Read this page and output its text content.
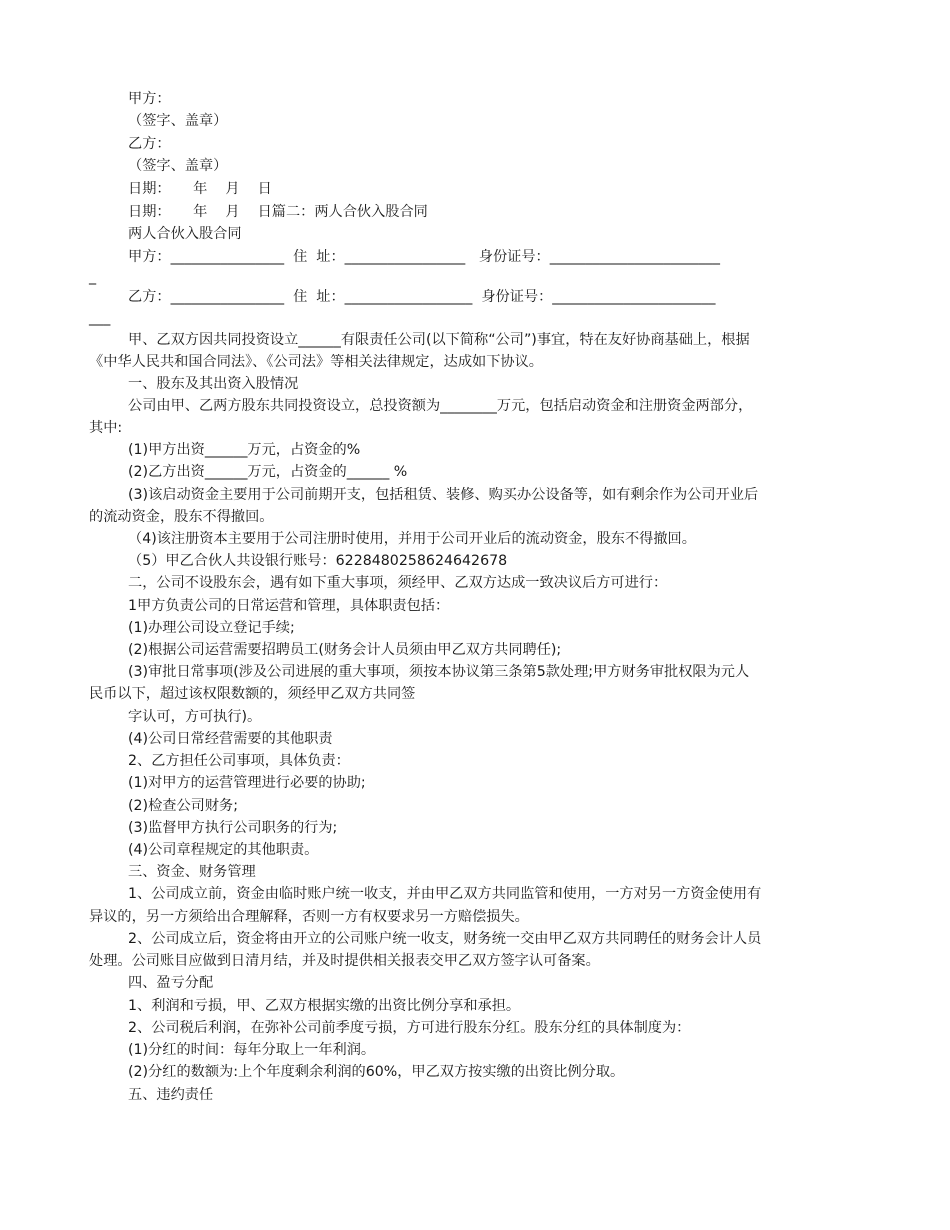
甲方：
（签字、盖章）
乙方：
（签字、盖章）
日期：     年    月    日
日期：     年    月    日篇二：两人合伙入股合同
两人合伙入股合同
甲方：________________  住  址：_________________   身份证号：________________________
_
乙方：________________  住  址：__________________  身份证号：_______________________
___
甲、乙双方因共同投资设立______有限责任公司(以下简称“公司”)事宜，特在友好协商基础上，根据
《中华人民共和国合同法》、《公司法》等相关法律规定，达成如下协议。
一、股东及其出资入股情况
公司由甲、乙两方股东共同投资设立，总投资额为________万元，包括启动资金和注册资金两部分，
其中:
(1)甲方出资______万元，占资金的%
(2)乙方出资______万元，占资金的______ %
(3)该启动资金主要用于公司前期开支，包括租赁、装修、购买办公设备等，如有剩余作为公司开业后
的流动资金，股东不得撤回。
（4)该注册资本主要用于公司注册时使用，并用于公司开业后的流动资金，股东不得撤回。
（5）甲乙合伙人共设银行账号：6228480258624642678
二，公司不设股东会，遇有如下重大事项，须经甲、乙双方达成一致决议后方可进行：
1甲方负责公司的日常运营和管理，具体职责包括：
(1)办理公司设立登记手续;
(2)根据公司运营需要招聘员工(财务会计人员须由甲乙双方共同聘任);
(3)审批日常事项(涉及公司进展的重大事项，须按本协议第三条第5款处理;甲方财务审批权限为元人
民币以下，超过该权限数额的，须经甲乙双方共同签
字认可，方可执行)。
(4)公司日常经营需要的其他职责
2、乙方担任公司事项，具体负责：
(1)对甲方的运营管理进行必要的协助;
(2)检查公司财务;
(3)监督甲方执行公司职务的行为;
(4)公司章程规定的其他职责。
三、资金、财务管理
1、公司成立前，资金由临时账户统一收支，并由甲乙双方共同监管和使用，一方对另一方资金使用有
异议的，另一方须给出合理解释，否则一方有权要求另一方赔偿损失。
2、公司成立后，资金将由开立的公司账户统一收支，财务统一交由甲乙双方共同聘任的财务会计人员
处理。公司账目应做到日清月结，并及时提供相关报表交甲乙双方签字认可备案。
四、盈亏分配
1、利润和亏损，甲、乙双方根据实缴的出资比例分享和承担。
2、公司税后利润，在弥补公司前季度亏损，方可进行股东分红。股东分红的具体制度为：
(1)分红的时间：每年分取上一年利润。
(2)分红的数额为:上个年度剩余利润的60%，甲乙双方按实缴的出资比例分取。
五、违约责任
